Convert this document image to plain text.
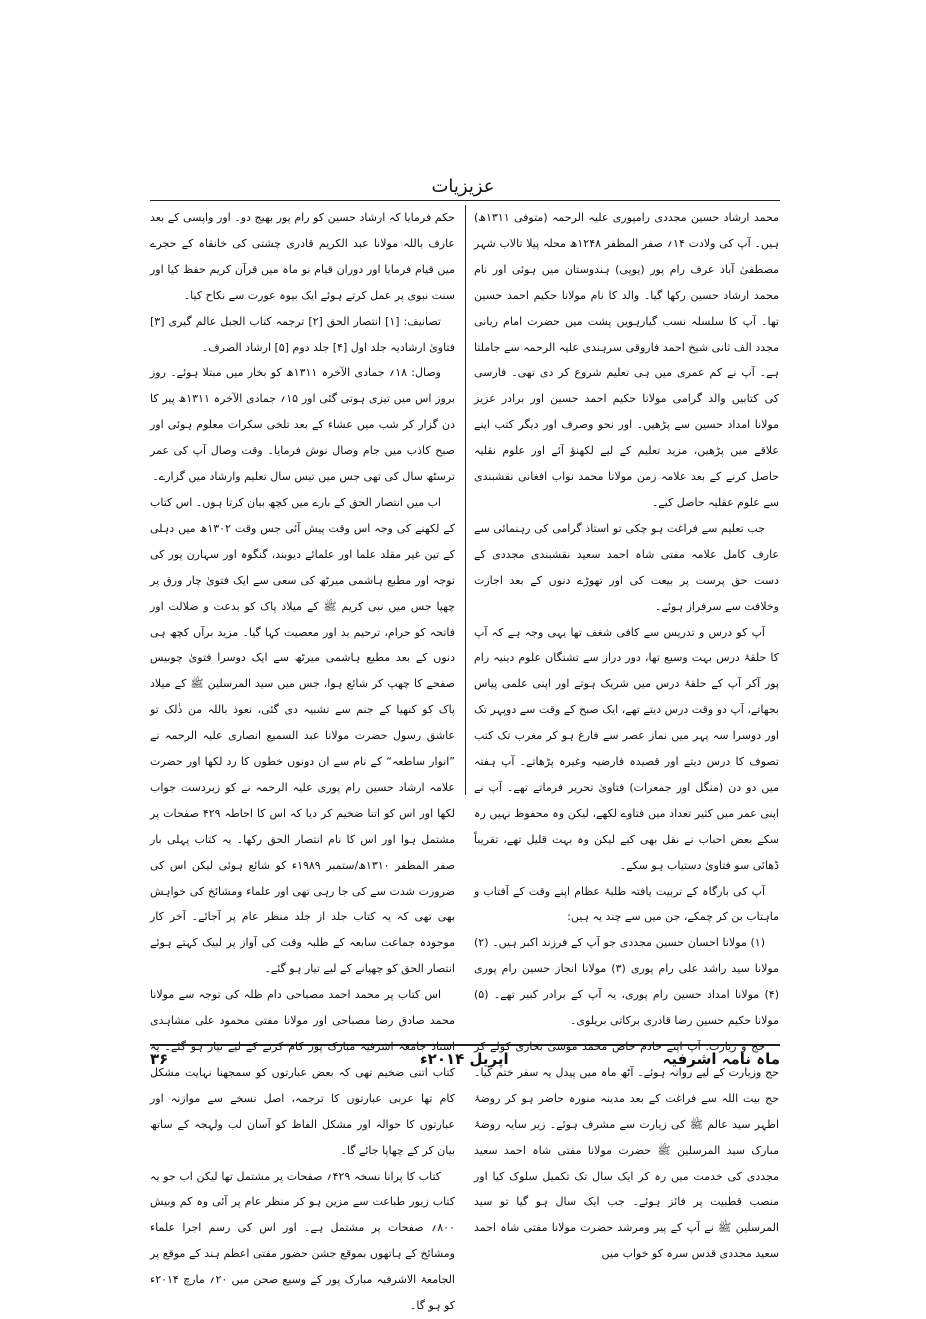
عزیزیات

محمد ارشاد حسین مجددی رامپوری علیہ الرحمہ (متوفی ۱۳۱۱ھ) ہیں۔ آپ کی ولادت ۱۴؍ صفر المظفر ۱۲۴۸ھ محلہ پیلا تالاب شہر مصطفیٰ آباد عرف رام پور (یوپی) ہندوستان میں ہوئی اور نام محمد ارشاد حسین رکھا گیا۔ والد کا نام مولانا حکیم احمد حسین تھا۔ آپ کا سلسلہ نسب گیارہویں پشت میں حضرت امام ربانی مجدد الف ثانی شیخ احمد فاروقی سرہندی علیہ الرحمہ سے جاملتا ہے۔ آپ نے کم عمری میں ہی تعلیم شروع کر دی تھی۔ فارسی کی کتابیں والد گرامی مولانا حکیم احمد حسین اور برادر عزیز مولانا امداد حسین سے پڑھیں۔ اور نحو وصرف اور دیگر کتب اپنے علاقے میں پڑھیں، مزید تعلیم کے لیے لکھنؤ آئے اور علوم نقلیہ حاصل کرنے کے بعد علامہ زمن مولانا محمد نواب افغانی نقشبندی سے علوم عقلیہ حاصل کیے۔

جب تعلیم سے فراغت ہو چکی تو استاذ گرامی کی رہنمائی سے عارف کامل علامہ مفتی شاہ احمد سعید نقشبندی مجددی کے دست حق پرست پر بیعت کی اور تھوڑے دنوں کے بعد اجازت وخلافت سے سرفراز ہوئے۔

آپ کو درس و تدریس سے کافی شغف تھا یہی وجہ ہے کہ آپ کا حلقۂ درس بہت وسیع تھا، دور دراز سے تشنگان علوم دینیہ رام پور آکر آپ کے حلقۂ درس میں شریک ہوتے اور اپنی علمی پیاس بجھاتے، آپ دو وقت درس دیتے تھے، ایک صبح کے وقت سے دوپہر تک اور دوسرا سہ پہر میں نماز عصر سے فارغ ہو کر مغرب تک کتب تصوف کا درس دیتے اور قصیدہ فارضیہ وغیرہ پڑھاتے۔ آپ ہفتہ میں دو دن (منگل اور جمعرات) فتاویٰ تحریر فرماتے تھے۔ آپ نے اپنی عمر میں کثیر تعداد میں فتاوے لکھے، لیکن وہ محفوظ نہیں رہ سکے بعض احباب نے نقل بھی کیے لیکن وہ بہت قلیل تھے، تقریباً ڈھائی سو فتاویٰ دستیاب ہو سکے۔

آپ کی بارگاہ کے تربیت یافتہ طلبۂ عظام اپنے وقت کے آفتاب و ماہتاب بن کر چمکے، جن میں سے چند یہ ہیں:

(۱) مولانا احسان حسین مجددی جو آپ کے فرزند اکبر ہیں۔ (۲) مولانا سید راشد علی رام پوری (۳) مولانا انجاز حسین رام پوری (۴) مولانا امداد حسین رام پوری، یہ آپ کے برادر کبیر تھے۔ (۵) مولانا حکیم حسین رضا قادری برکاتی بریلوی۔

حج و زیارت: آپ اپنے خادم خاص محمد موسیٰ بخاری کولے کر حج وزیارت کے لیے روانہ ہوئے۔ آٹھ ماہ میں پیدل یہ سفر ختم کیا۔ حج بیت اللہ سے فراغت کے بعد مدینہ منورہ حاضر ہو کر روضۂ اطہر سید عالم ﷺ کی زیارت سے مشرف ہوئے۔ زیر سایہ روضۂ مبارک سید المرسلین ﷺ حضرت مولانا مفتی شاہ احمد سعید مجددی کی خدمت میں رہ کر ایک سال تک تکمیل سلوک کیا اور منصب قطبیت پر فائز ہوئے۔ جب ایک سال ہو گیا تو سید المرسلین ﷺ نے آپ کے پیر ومرشد حضرت مولانا مفتی شاہ احمد سعید مجددی قدس سرہ کو خواب میں

حکم فرمایا کہ ارشاد حسین کو رام پور بھیج دو۔ اور واپسی کے بعد عارف باللہ مولانا عبد الکریم قادری چشتی کی خانقاہ کے حجرے میں قیام فرمایا اور دوران قیام نو ماہ میں قرآن کریم حفظ کیا اور سنت نبوی پر عمل کرتے ہوئے ایک بیوہ عورت سے نکاح کیا۔

تصانیف: [۱] انتصار الحق [۲] ترجمہ کتاب الجبل عالم گیری [۳] فتاویٰ ارشادیہ جلد اول [۴] جلد دوم [۵] ارشاد الصرف۔

وصال: ۱۸؍ جمادی الآخرہ ۱۳۱۱ھ کو بخار میں مبتلا ہوئے۔ روز بروز اس میں تیزی ہوتی گئی اور ۱۵؍ جمادی الآخرہ ۱۳۱۱ھ پیر کا دن گزار کر شب میں عشاء کے بعد تلخی سکرات معلوم ہوئی اور صبح کاذب میں جام وصال نوش فرمایا۔ وقت وصال آپ کی عمر ترسٹھ سال کی تھی جس میں تیس سال تعلیم وارشاد میں گزارے۔

اب میں انتصار الحق کے بارے میں کچھ بیان کرتا ہوں۔ اس کتاب کے لکھنے کی وجہ اس وقت پیش آئی جس وقت ۱۳۰۲ھ میں دہلی کے تین غیر مقلد علما اور علمائے دیوبند، گنگوہ اور سہارن پور کی توجہ اور مطبع ہاشمی میرٹھ کی سعی سے ایک فتویٰ چار ورق پر چھپا جس میں نبی کریم ﷺ کے میلاد پاک کو بدعت و ضلالت اور فاتحہ کو حرام، ترحیم بد اور معصیت کہا گیا۔ مزید برآں کچھ ہی دنوں کے بعد مطبع ہاشمی میرٹھ سے ایک دوسرا فتویٰ چوبیس صفحے کا چھپ کر شائع ہوا، جس میں سید المرسلین ﷺ کے میلاد پاک کو کنھیا کے جنم سے تشبیہ دی گئی، نعوذ باللہ من ذٰلک تو عاشق رسول حضرت مولانا عبد السمیع انصاری علیہ الرحمہ نے ”انوار ساطعہ“ کے نام سے ان دونوں خطوں کا رد لکھا اور حضرت علامہ ارشاد حسین رام پوری علیہ الرحمہ نے کو زبردست جواب لکھا اور اس کو اتنا ضخیم کر دیا کہ اس کا احاطہ ۴۲۹ صفحات پر مشتمل ہوا اور اس کا نام انتصار الحق رکھا۔ یہ کتاب پہلی بار صفر المظفر ۱۳۱۰ھ/ستمبر ۱۹۸۹ء کو شائع ہوئی لیکن اس کی ضرورت شدت سے کی جا رہی تھی اور علماء ومشائخ کی خواہش بھی تھی کہ یہ کتاب جلد از جلد منظر عام پر آجائے۔ آخر کار موجودہ جماعت سابعہ کے طلبہ وقت کی آواز پر لبیک کہتے ہوئے انتصار الحق کو چھپانے کے لیے تیار ہو گئے۔

اس کتاب پر محمد احمد مصباحی دام ظلہ کی توجہ سے مولانا محمد صادق رضا مصباحی اور مولانا مفتی محمود علی مشاہدی استاذ جامعہ اشرفیہ مبارک پور کام کرنے کے لیے تیار ہو گئے۔ یہ کتاب اتنی ضخیم تھی کہ بعض عبارتوں کو سمجھنا نہایت مشکل کام تھا عربی عبارتوں کا ترجمہ، اصل نسخے سے موازنہ اور عبارتوں کا حوالہ اور مشکل الفاظ کو آسان لب ولہجہ کے ساتھ بیان کر کے چھاپا جائے گا۔

کتاب کا پرانا نسخہ ۴۲۹؍ صفحات پر مشتمل تھا لیکن اب جو یہ کتاب زیور طباعت سے مزین ہو کر منظر عام پر آئی وہ کم وبیش ۸۰۰؍ صفحات پر مشتمل ہے۔ اور اس کی رسم اجرا علماء ومشائخ کے ہاتھوں بموقع جشن حضور مفتی اعظم ہند کے موقع پر الجامعۃ الاشرفیہ مبارک پور کے وسیع صحن میں ۲۰؍ مارچ ۲۰۱۴ء کو ہو گا۔

ماہ نامہ اشرفیہ
اپریل ۲۰۱۴ء
۳۶
